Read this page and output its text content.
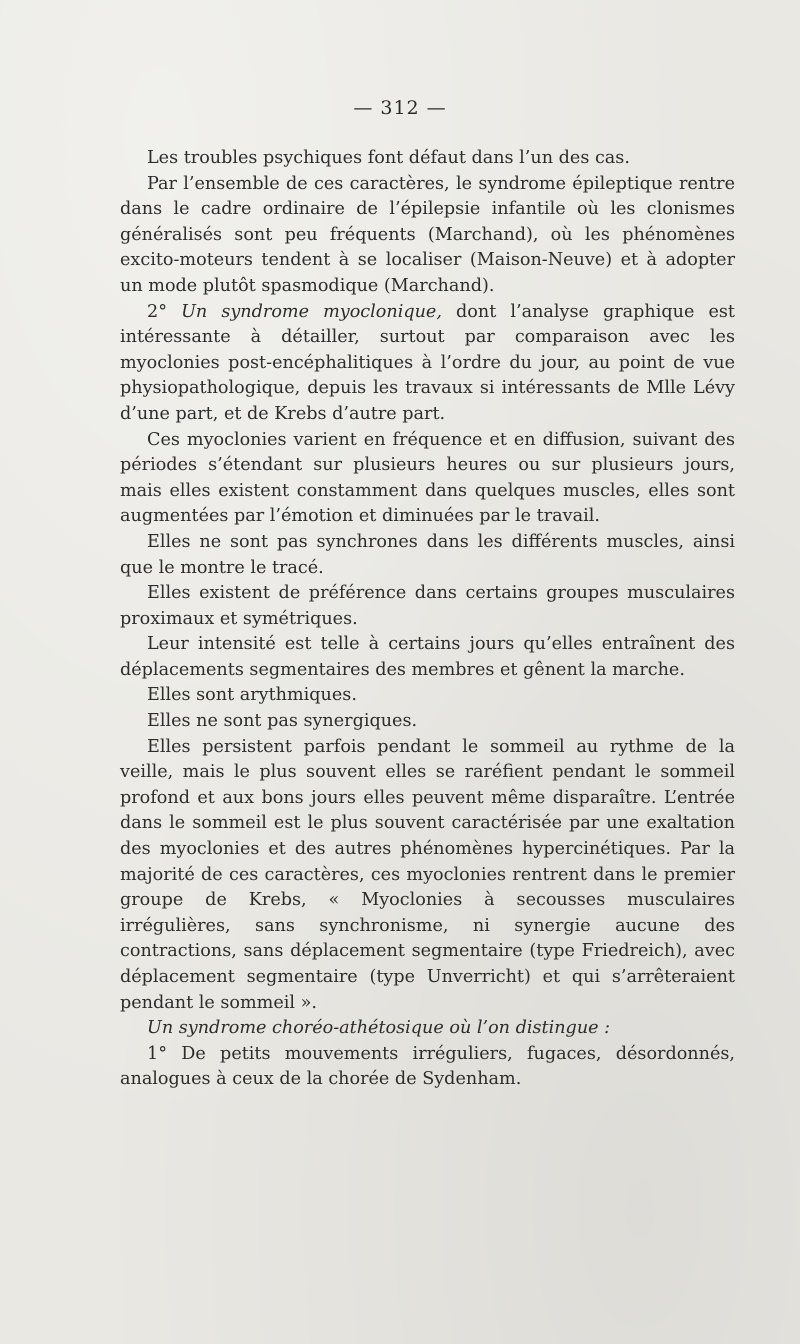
— 312 —

Les troubles psychiques font défaut dans l’un des cas.

Par l’ensemble de ces caractères, le syndrome épileptique rentre dans le cadre ordinaire de l’épilepsie infantile où les clonismes généralisés sont peu fréquents (Marchand), où les phénomènes excito-moteurs tendent à se localiser (Maison-Neuve) et à adopter un mode plutôt spasmodique (Marchand).

2° Un syndrome myoclonique, dont l’analyse graphique est intéressante à détailler, surtout par comparaison avec les myoclonies post-encéphalitiques à l’ordre du jour, au point de vue physiopathologique, depuis les travaux si intéressants de Mlle Lévy d’une part, et de Krebs d’autre part.

Ces myoclonies varient en fréquence et en diffusion, suivant des périodes s’étendant sur plusieurs heures ou sur plusieurs jours, mais elles existent constamment dans quelques muscles, elles sont augmentées par l’émotion et diminuées par le travail.

Elles ne sont pas synchrones dans les différents muscles, ainsi que le montre le tracé.

Elles existent de préférence dans certains groupes musculaires proximaux et symétriques.

Leur intensité est telle à certains jours qu’elles entraînent des déplacements segmentaires des membres et gênent la marche.

Elles sont arythmiques.

Elles ne sont pas synergiques.

Elles persistent parfois pendant le sommeil au rythme de la veille, mais le plus souvent elles se raréfient pendant le sommeil profond et aux bons jours elles peuvent même disparaître. L’entrée dans le sommeil est le plus souvent caractérisée par une exaltation des myoclonies et des autres phénomènes hypercinétiques. Par la majorité de ces caractères, ces myoclonies rentrent dans le premier groupe de Krebs, « Myoclonies à secousses musculaires irrégulières, sans synchronisme, ni synergie aucune des contractions, sans déplacement segmentaire (type Friedreich), avec déplacement segmentaire (type Unverricht) et qui s’arrêteraient pendant le sommeil ».

Un syndrome choréo-athétosique où l’on distingue :

1° De petits mouvements irréguliers, fugaces, désordonnés, analogues à ceux de la chorée de Sydenham.
